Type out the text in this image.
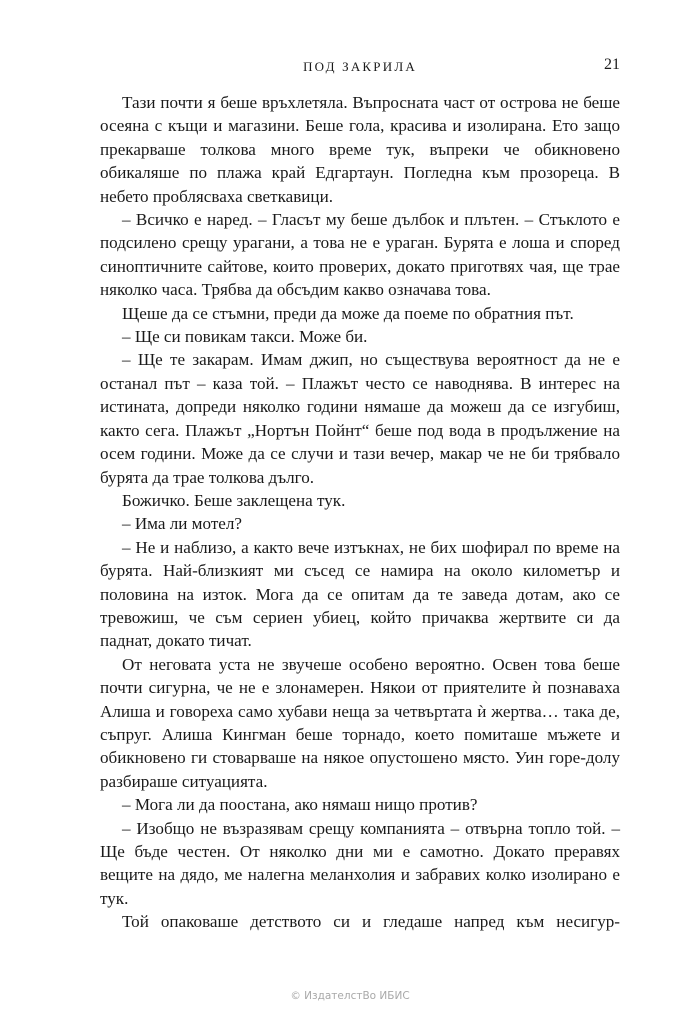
ПОД ЗАКРИЛА	21

Тази почти я беше връхлетяла. Въпросната част от острова не беше осеяна с къщи и магазини. Беше гола, красива и изолирана. Ето защо прекарваше толкова много време тук, въпреки че обикновено обикаляше по плажа край Едгартаун. Погледна към прозореца. В небето проблясваха светкавици.

– Всичко е наред. – Гласът му беше дълбок и плътен. – Стъклото е подсилено срещу урагани, а това не е ураган. Бурята е лоша и според синоптичните сайтове, които проверих, докато приготвях чая, ще трае няколко часа. Трябва да обсъдим какво означава това.

Щеше да се стъмни, преди да може да поеме по обратния път.

– Ще си повикам такси. Може би.

– Ще те закарам. Имам джип, но съществува вероятност да не е останал път – каза той. – Плажът често се наводнява. В интерес на истината, допреди няколко години нямаше да можеш да се изгубиш, както сега. Плажът „Нортън Пойнт“ беше под вода в продължение на осем години. Може да се случи и тази вечер, макар че не би трябвало бурята да трае толкова дълго.

Божичко. Беше заклещена тук.

– Има ли мотел?

– Не и наблизо, а както вече изтъкнах, не бих шофирал по време на бурята. Най-близкият ми съсед се намира на около километър и половина на изток. Мога да се опитам да те заведа дотам, ако се тревожиш, че съм сериен убиец, който причаква жертвите си да паднат, докато тичат.

От неговата уста не звучеше особено вероятно. Освен това беше почти сигурна, че не е злонамерен. Някои от приятелите ѝ познаваха Алиша и говореха само хубави неща за четвъртата ѝ жертва… така де, съпруг. Алиша Кингман беше торнадо, което помиташе мъжете и обикновено ги стоварваше на някое опустошено място. Уин горе-долу разбираше ситуацията.

– Мога ли да поостана, ако нямаш нищо против?

– Изобщо не възразявам срещу компанията – отвърна топло той. – Ще бъде честен. От няколко дни ми е самотно. Докато преравях вещите на дядо, ме налегна меланхолия и забравих колко изолирано е тук.

Той опаковаше детството си и гледаше напред към несигур-

© ИздателстВо ИБИС
